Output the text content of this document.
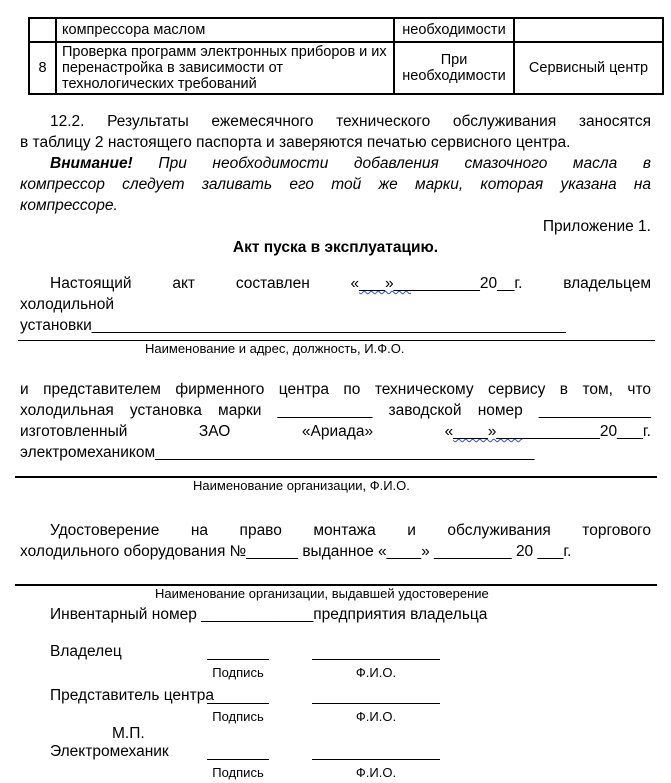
	компрессора маслом	необходимости	
8	Проверка программ электронных приборов и их
перенастройка в зависимости от
технологических требований	При необходимости	Сервисный центр
12.2. Результаты ежемесячного технического обслуживания заносятся
в таблицу 2 настоящего паспорта и заверяются печатью сервисного центра.
Внимание! При необходимости добавления смазочного масла в
компрессор следует заливать его той же марки, которая указана на
компрессоре.
Приложение 1.
Акт пуска в эксплуатацию.
Настоящий акт составлен «___»__________20__г. владельцем
холодильной установки_______________________________________________________
Наименование и адрес, должность, И.Ф.О.
и представителем фирменного центра по техническому сервису в том, что
холодильная установка марки ___________ заводской номер _____________
изготовленный ЗАО «Ариада» «____»____________20___г.
электромехаником____________________________________________
Наименование организации, Ф.И.О.
Удостоверение на право монтажа и обслуживания торгового
холодильного оборудования №______ выданное «____» _________ 20 ___г.
Наименование организации, выдавшей удостоверение
Инвентарный номер _____________предприятия владельца
Владелец
Подпись	Ф.И.О.
Представитель центра
Подпись	Ф.И.О.
М.П.
Электромеханик
Подпись	Ф.И.О.
